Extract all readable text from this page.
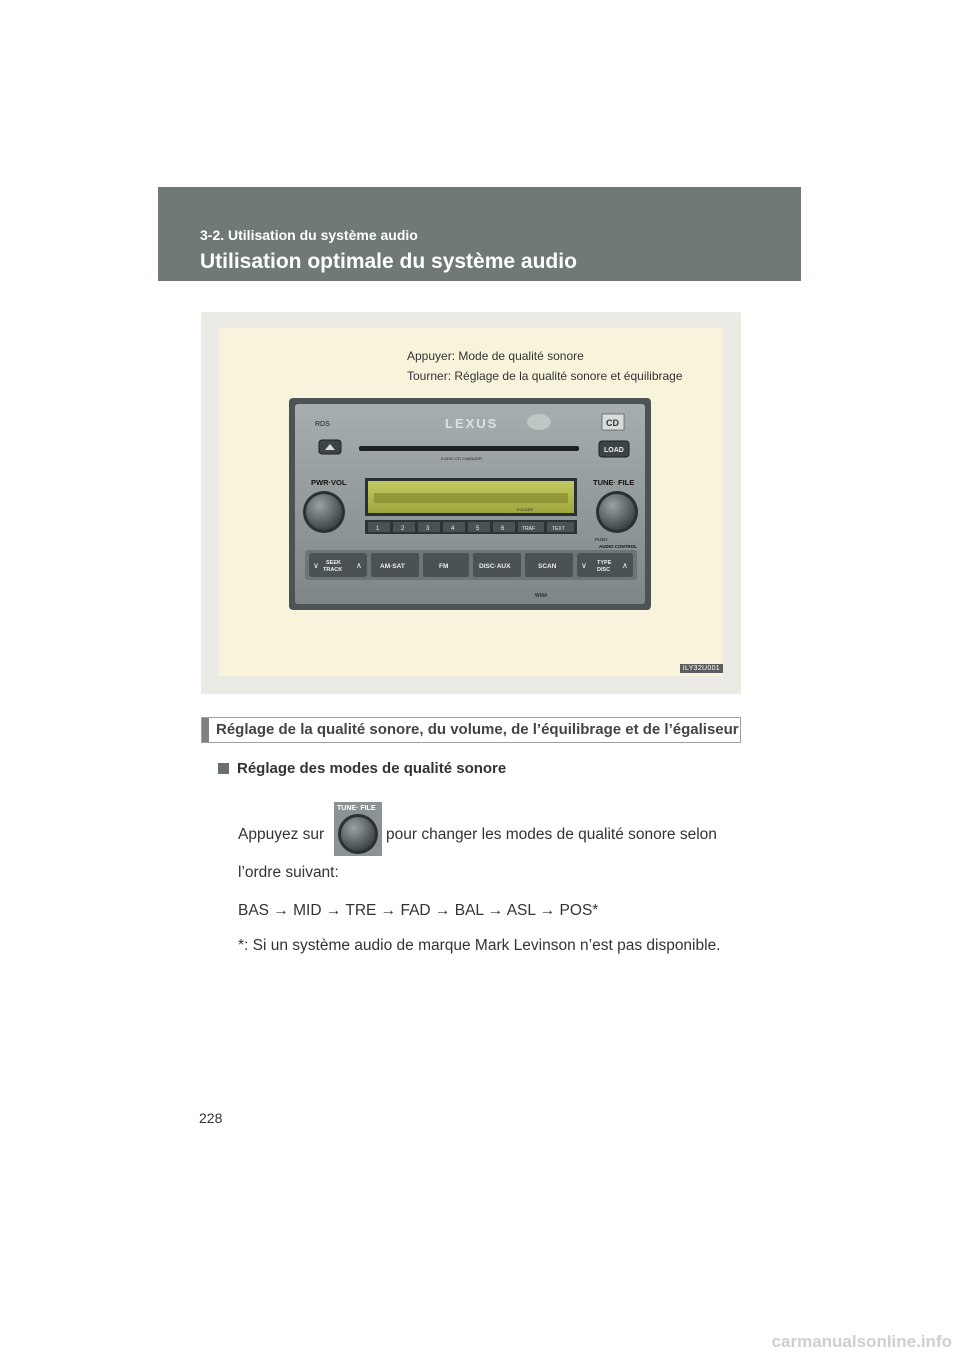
3-2. Utilisation du système audio
Utilisation optimale du système audio
Appuyer: Mode de qualité sonore
Tourner: Réglage de la qualité sonore et équilibrage
RDS	LEXUS	CD
6 DISC CD CHANGER
LOAD
PWR·VOL	TUNE· FILE
PUSH
AUDIO CONTROL
FOLDER
1	2	3	4	5	6	TRAF	TEXT
∨	∧
SEEK
TRACK	AM·SAT	FM	DISC·AUX	SCAN	∨	∧
TYPE
DISC
WMA
ILY32U001
Réglage de la qualité sonore, du volume, de l’équilibrage et de l’égaliseur
Réglage des modes de qualité sonore
Appuyez sur
TUNE· FILE
pour changer les modes de qualité sonore selon
l’ordre suivant:
BAS → MID → TRE → FAD → BAL → ASL → POS*
*: Si un système audio de marque Mark Levinson n’est pas disponible.
228
carmanualsonline.info
